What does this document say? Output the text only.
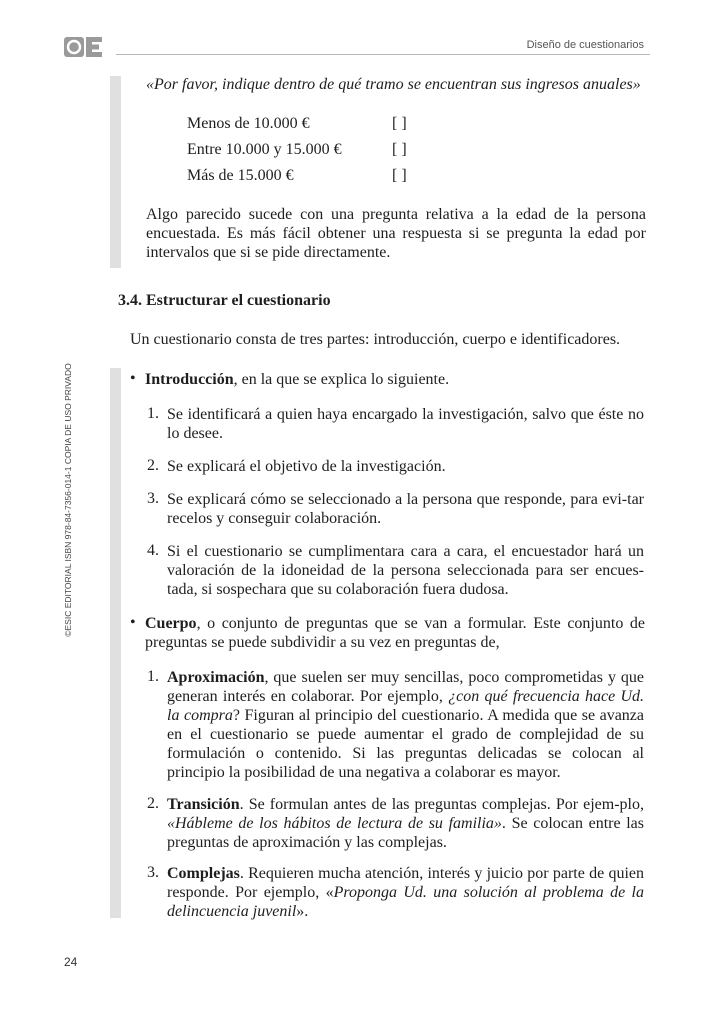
Diseño de cuestionarios
©ESIC EDITORIAL ISBN 978-84-7356-014-1 COPIA DE USO PRIVADO
«Por favor, indique dentro de qué tramo se encuentran sus ingresos anuales»
Menos de 10.000 €	[ ]
Entre 10.000 y 15.000 €	[ ]
Más de 15.000 €	[ ]
Algo parecido sucede con una pregunta relativa a la edad de la persona encuestada. Es más fácil obtener una respuesta si se pregunta la edad por intervalos que si se pide directamente.
3.4. Estructurar el cuestionario
Un cuestionario consta de tres partes: introducción, cuerpo e identificadores.
• Introducción, en la que se explica lo siguiente.
1. Se identificará a quien haya encargado la investigación, salvo que éste no lo desee.
2. Se explicará el objetivo de la investigación.
3. Se explicará cómo se seleccionado a la persona que responde, para evi-tar recelos y conseguir colaboración.
4. Si el cuestionario se cumplimentara cara a cara, el encuestador hará un valoración de la idoneidad de la persona seleccionada para ser encues-tada, si sospechara que su colaboración fuera dudosa.
• Cuerpo, o conjunto de preguntas que se van a formular. Este conjunto de preguntas se puede subdividir a su vez en preguntas de,
1. Aproximación, que suelen ser muy sencillas, poco comprometidas y que generan interés en colaborar. Por ejemplo, ¿con qué frecuencia hace Ud. la compra? Figuran al principio del cuestionario. A medida que se avanza en el cuestionario se puede aumentar el grado de complejidad de su formulación o contenido. Si las preguntas delicadas se colocan al principio la posibilidad de una negativa a colaborar es mayor.
2. Transición. Se formulan antes de las preguntas complejas. Por ejem-plo, «Hábleme de los hábitos de lectura de su familia». Se colocan entre las preguntas de aproximación y las complejas.
3. Complejas. Requieren mucha atención, interés y juicio por parte de quien responde. Por ejemplo, «Proponga Ud. una solución al problema de la delincuencia juvenil».
24
